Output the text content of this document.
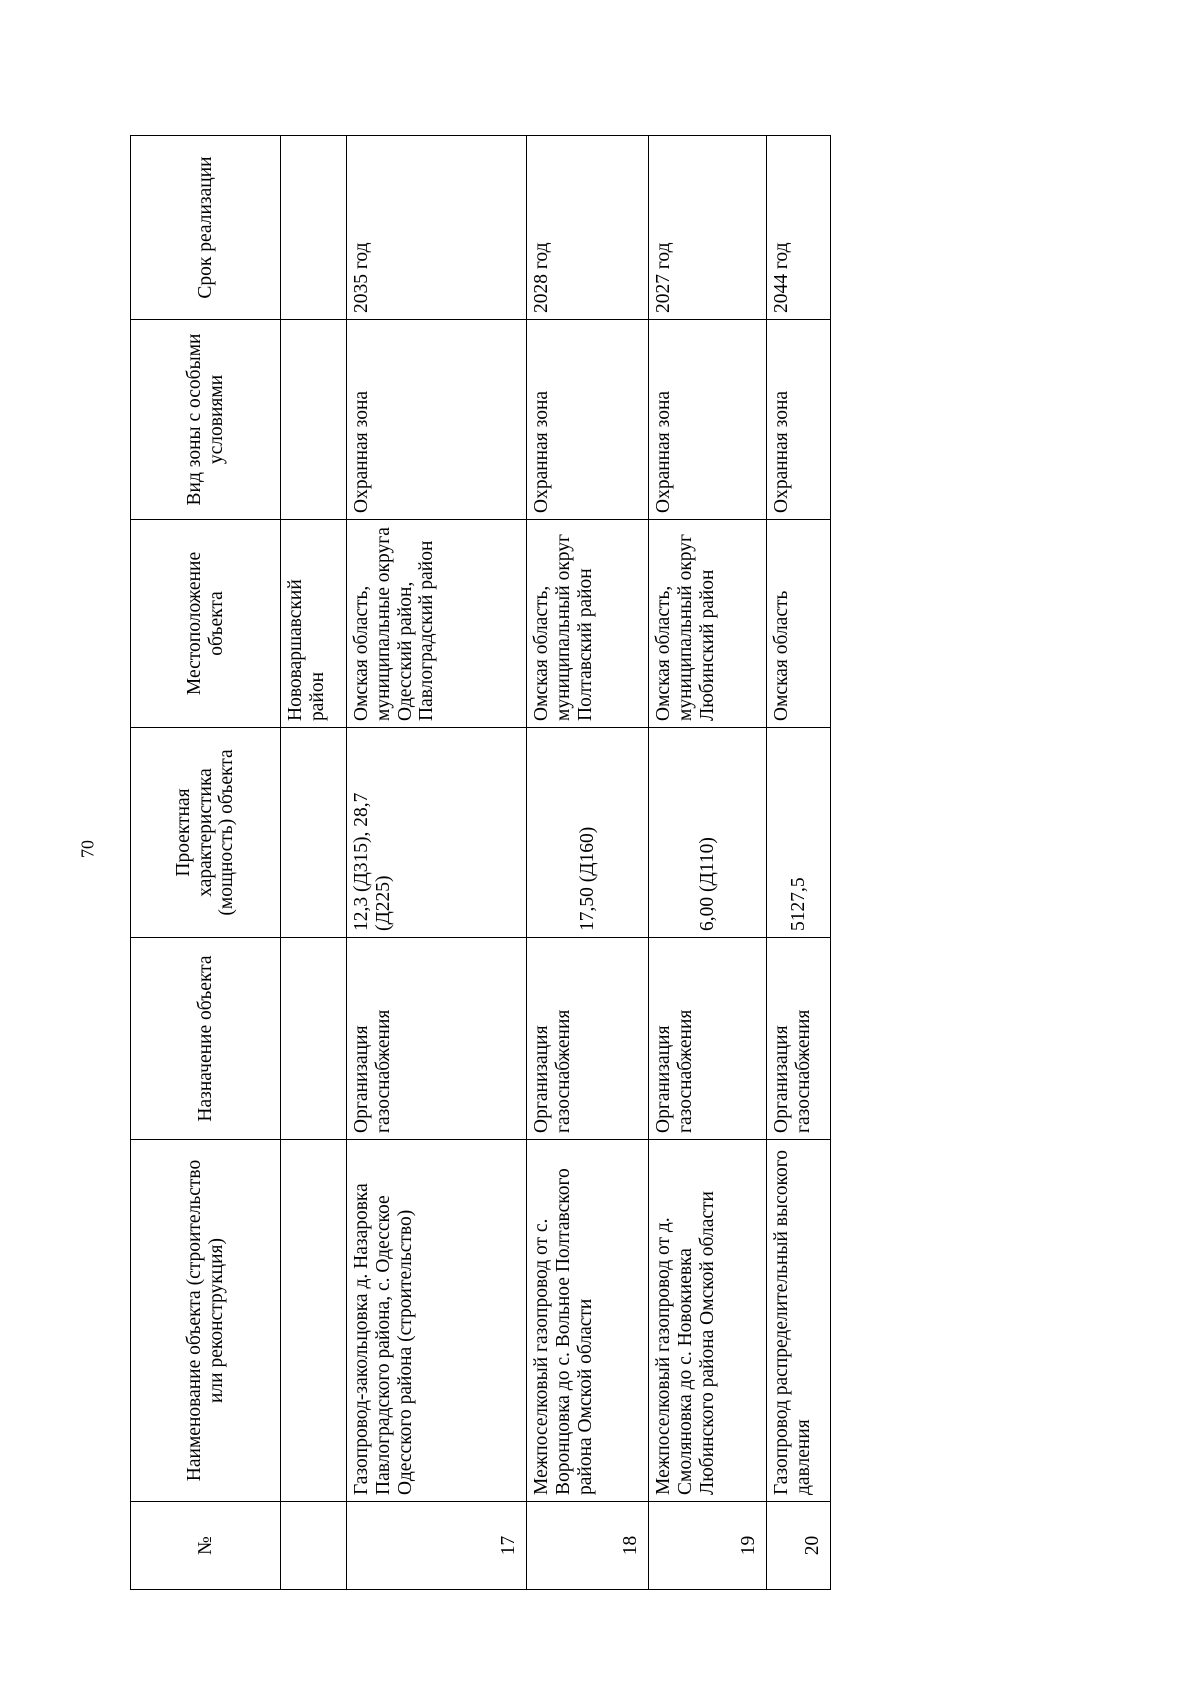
70
№	Наименование объекта (строительство или реконструкция)	Назначение объекта	Проектная характеристика (мощность) объекта	Местоположение объекта	Вид зоны с особыми условиями	Срок реализации
				Нововаршавский район		
17	Газопровод-закольцовка д. Назаровка Павлоградского района, с. Одесское Одесского района (строительство)	Организация газоснабжения	12,3 (Д315), 28,7 (Д225)	Омская область, муниципальные округа Одесский район, Павлоградский район	Охранная зона	2035 год
18	Межпоселковый газопровод от с. Воронцовка до с. Вольное Полтавского района Омской области	Организация газоснабжения	17,50 (Д160)	Омская область, муниципальный округ Полтавский район	Охранная зона	2028 год
19	Межпоселковый газопровод от д. Смоляновка до с. Новокиевка Любинского района Омской области	Организация газоснабжения	6,00 (Д110)	Омская область, муниципальный округ Любинский район	Охранная зона	2027 год
20	Газопровод распределительный высокого давления	Организация газоснабжения	5127,5	Омская область	Охранная зона	2044 год
